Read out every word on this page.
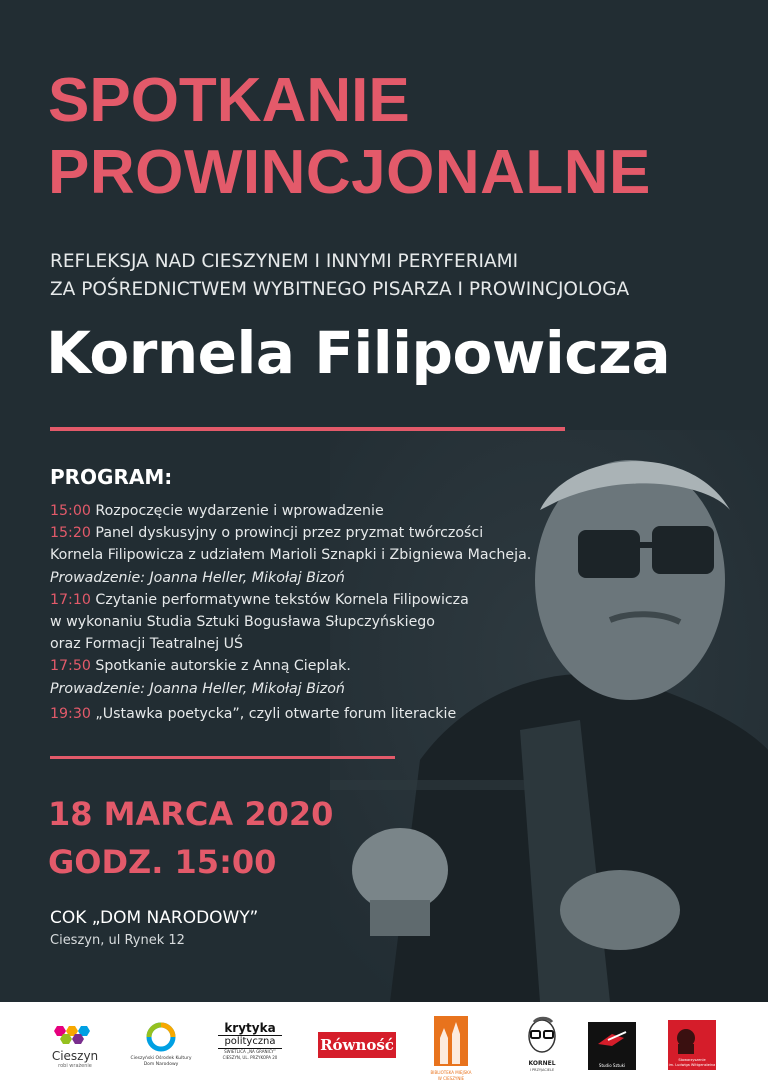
SPOTKANIE
PROWINCJONALNE
REFLEKSJA NAD CIESZYNEM I INNYMI PERYFERIAMI
ZA POŚREDNICTWEM WYBITNEGO PISARZA I PROWINCJOLOGA
Kornela Filipowicza
PROGRAM:
15:00 Rozpoczęcie wydarzenie i wprowadzenie
15:20 Panel dyskusyjny o prowincji przez pryzmat twórczości
Kornela Filipowicza z udziałem Marioli Sznapki i Zbigniewa Macheja.
Prowadzenie: Joanna Heller, Mikołaj Bizoń
17:10 Czytanie performatywne tekstów Kornela Filipowicza
w wykonaniu Studia Sztuki Bogusława Słupczyńskiego
oraz Formacji Teatralnej UŚ
17:50 Spotkanie autorskie z Anną Cieplak.
Prowadzenie: Joanna Heller, Mikołaj Bizoń
19:30 „Ustawka poetycka”, czyli otwarte forum literackie
18 MARCA 2020
GODZ. 15:00
COK „DOM NARODOWY”
Cieszyn, ul Rynek 12
Cieszyn
robi wrażenie
Cieszyński Ośrodek Kultury
Dom Narodowy
krytyka
polityczna
ŚWIETLICA „NA GRANICY”
CIESZYN, UL. PRZYKOPA 20
Równość
BIBLIOTEKA MIEJSKA
W CIESZYNIE
KORNEL
I PRZYJACIELE
Studio Sztuki
Stowarzyszenie
im. Ludwiga Wittgensteina
